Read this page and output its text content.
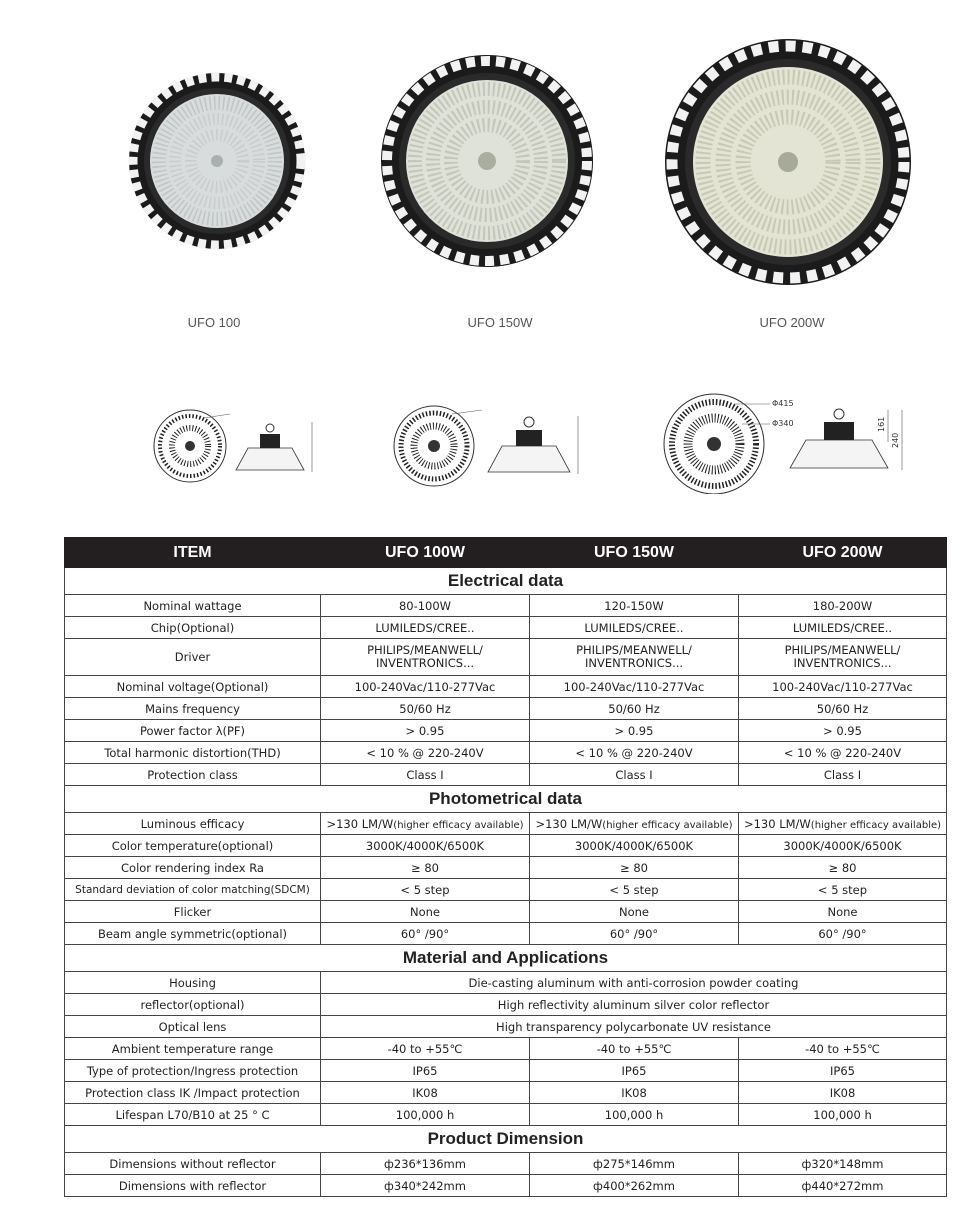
UFO 100	UFO 150W	UFO 200W
Φ415
Φ340	161
240
ITEM	UFO 100W	UFO 150W	UFO 200W
Electrical data			
Nominal wattage	80-100W	120-150W	180-200W
Chip(Optional)	LUMILEDS/CREE..	LUMILEDS/CREE..	LUMILEDS/CREE..
Driver	PHILIPS/MEANWELL/ INVENTRONICS...	PHILIPS/MEANWELL/ INVENTRONICS...	PHILIPS/MEANWELL/ INVENTRONICS...
Nominal voltage(Optional)	100-240Vac/110-277Vac	100-240Vac/110-277Vac	100-240Vac/110-277Vac
Mains frequency	50/60 Hz	50/60 Hz	50/60 Hz
Power factor λ(PF)	> 0.95	> 0.95	> 0.95
Total harmonic distortion(THD)	< 10 % @ 220-240V	< 10 % @ 220-240V	< 10 % @ 220-240V
Protection class	Class I	Class I	Class I
Photometrical data			
Luminous efficacy	>130 LM/W(higher efficacy available)	>130 LM/W(higher efficacy available)	>130 LM/W(higher efficacy available)
Color temperature(optional)	3000K/4000K/6500K	3000K/4000K/6500K	3000K/4000K/6500K
Color rendering index Ra	≥ 80	≥ 80	≥ 80
Standard deviation of color matching(SDCM)	< 5 step	< 5 step	< 5 step
Flicker	None	None	None
Beam angle symmetric(optional)	60° /90°	60° /90°	60° /90°
Material and Applications			
Housing	Die-casting aluminum with anti-corrosion powder coating		
reflector(optional)	High reflectivity aluminum silver color reflector		
Optical lens	High transparency polycarbonate UV resistance		
Ambient temperature range	-40 to +55℃	-40 to +55℃	-40 to +55℃
Type of protection/Ingress protection	IP65	IP65	IP65
Protection class IK /Impact protection	IK08	IK08	IK08
Lifespan L70/B10 at 25 ° C	100,000 h	100,000 h	100,000 h
Product Dimension			
Dimensions without reflector	ф236*136mm	ф275*146mm	ф320*148mm
Dimensions with reflector	ф340*242mm	ф400*262mm	ф440*272mm
